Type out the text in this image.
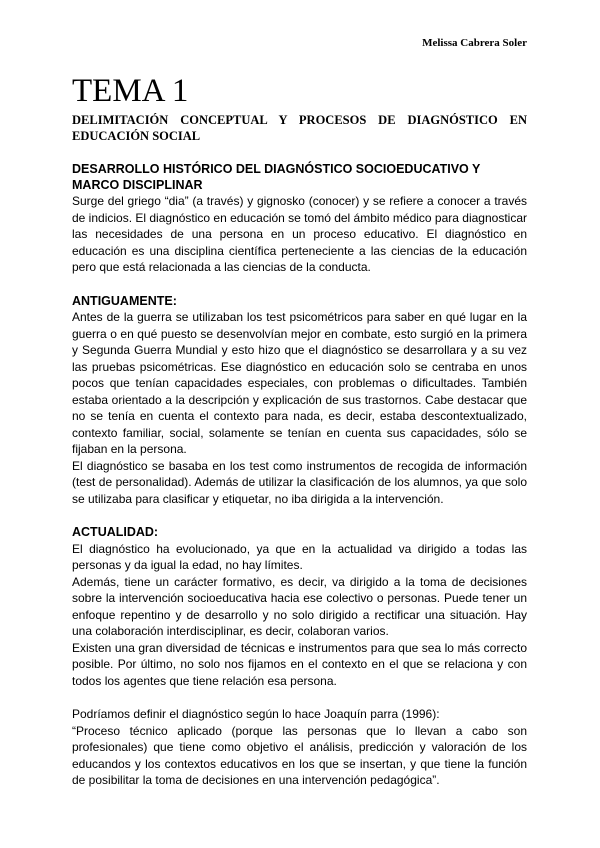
Melissa Cabrera Soler
TEMA 1

DELIMITACIÓN CONCEPTUAL Y PROCESOS DE DIAGNÓSTICO EN EDUCACIÓN SOCIAL

DESARROLLO HISTÓRICO DEL DIAGNÓSTICO SOCIOEDUCATIVO Y MARCO DISCIPLINAR

Surge del griego “dia” (a través) y gignosko (conocer) y se refiere a conocer a través de indicios. El diagnóstico en educación se tomó del ámbito médico para diagnosticar las necesidades de una persona en un proceso educativo. El diagnóstico en educación es una disciplina científica perteneciente a las ciencias de la educación pero que está relacionada a las ciencias de la conducta.

ANTIGUAMENTE:

Antes de la guerra se utilizaban los test psicométricos para saber en qué lugar en la guerra o en qué puesto se desenvolvían mejor en combate, esto surgió en la primera y Segunda Guerra Mundial y esto hizo que el diagnóstico se desarrollara y a su vez las pruebas psicométricas. Ese diagnóstico en educación solo se centraba en unos pocos que tenían capacidades especiales, con problemas o dificultades. También estaba orientado a la descripción y explicación de sus trastornos. Cabe destacar que no se tenía en cuenta el contexto para nada, es decir, estaba descontextualizado, contexto familiar, social, solamente se tenían en cuenta sus capacidades, sólo se fijaban en la persona.

El diagnóstico se basaba en los test como instrumentos de recogida de información (test de personalidad). Además de utilizar la clasificación de los alumnos, ya que solo se utilizaba para clasificar y etiquetar, no iba dirigida a la intervención.

ACTUALIDAD:

El diagnóstico ha evolucionado, ya que en la actualidad va dirigido a todas las personas y da igual la edad, no hay límites.

Además, tiene un carácter formativo, es decir, va dirigido a la toma de decisiones sobre la intervención socioeducativa hacia ese colectivo o personas. Puede tener un enfoque repentino y de desarrollo y no solo dirigido a rectificar una situación. Hay una colaboración interdisciplinar, es decir, colaboran varios.

Existen una gran diversidad de técnicas e instrumentos para que sea lo más correcto posible. Por último, no solo nos fijamos en el contexto en el que se relaciona y con todos los agentes que tiene relación esa persona.

Podríamos definir el diagnóstico según lo hace Joaquín parra (1996):

“Proceso técnico aplicado (porque las personas que lo llevan a cabo son profesionales) que tiene como objetivo el análisis, predicción y valoración de los educandos y los contextos educativos en los que se insertan, y que tiene la función de posibilitar la toma de decisiones en una intervención pedagógica”.
